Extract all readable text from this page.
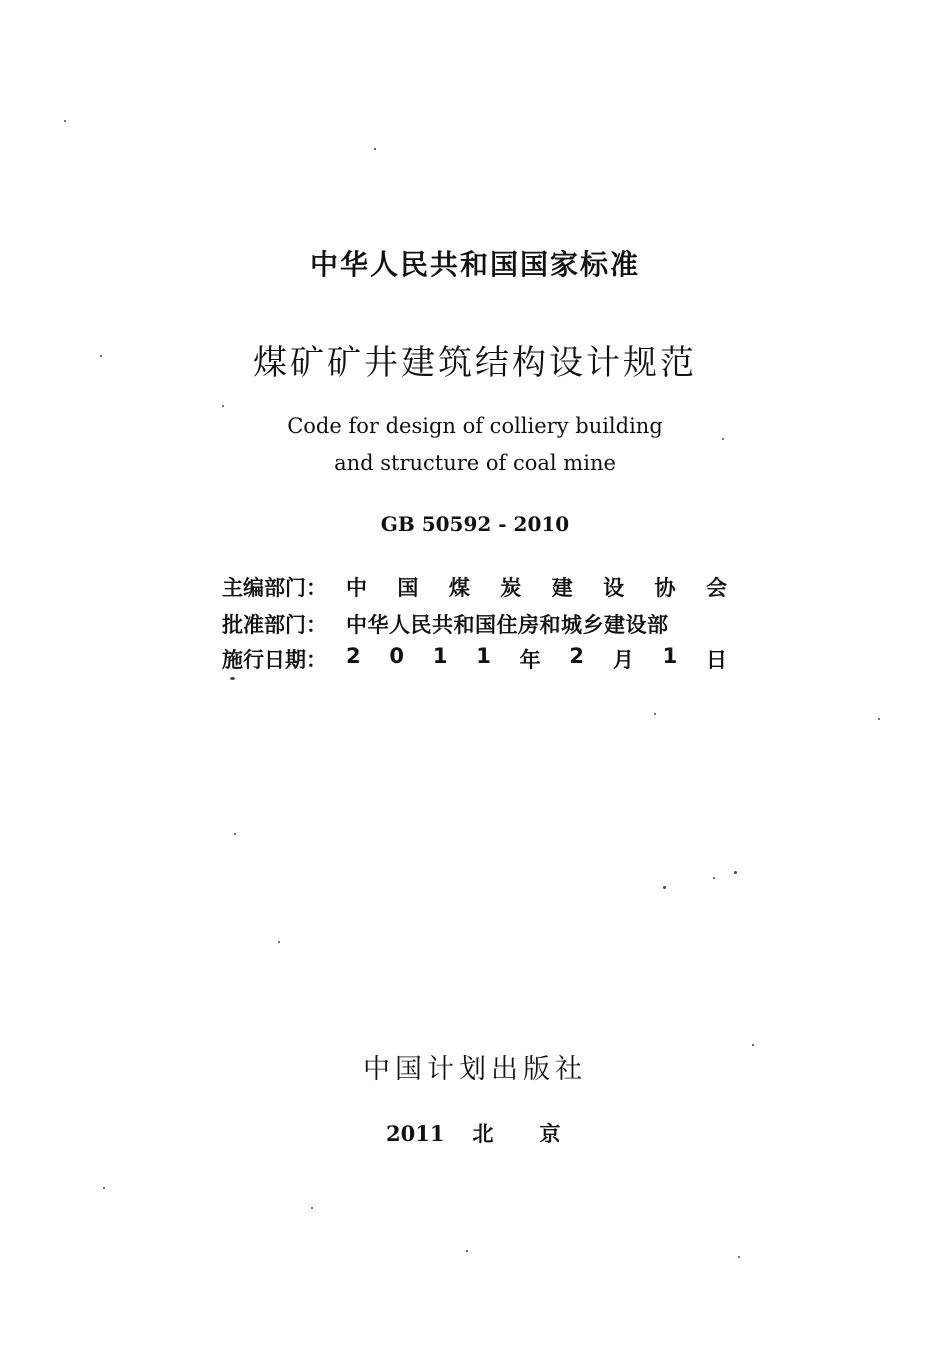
中华人民共和国国家标准
煤矿矿井建筑结构设计规范
Code for design of colliery building
and structure of coal mine
GB 50592 - 2010
主编部门： 中 国 煤 炭 建 设 协 会
批准部门： 中华人民共和国住房和城乡建设部
施行日期： 2 0 1 1 年 2 月 1 日
中国计划出版社
2011 北京
